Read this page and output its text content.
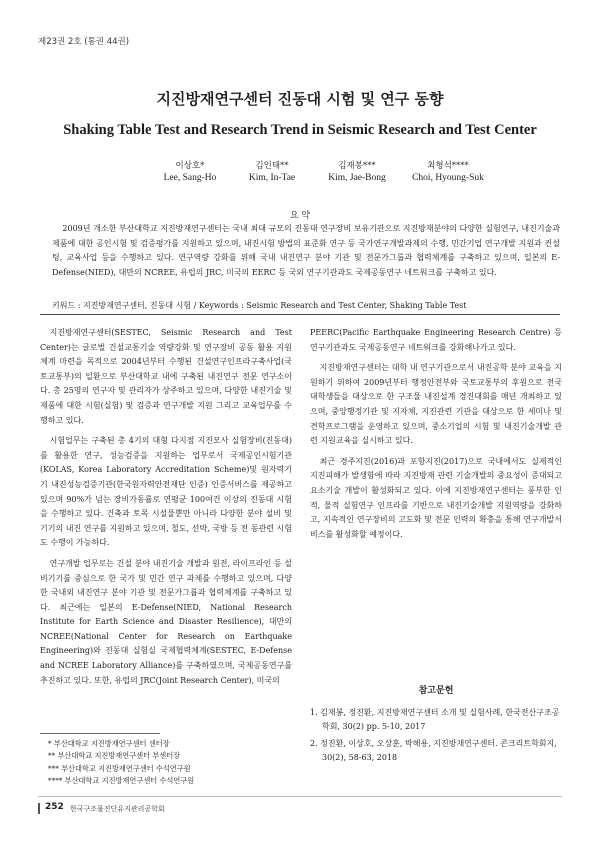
제23권 2호 (통권 44권)
지진방재연구센터 진동대 시험 및 연구 동향
Shaking Table Test and Research Trend in Seismic Research and Test Center
이상호*
Lee, Sang-Ho
김인태**
Kim, In-Tae
김재봉***
Kim, Jae-Bong
최형석****
Choi, Hyoung-Suk
요 약

2009년 개소한 부산대학교 지진방재연구센터는 국내 최대 규모의 진동대 연구장비 보유기관으로 지진방재분야의 다양한 실험연구, 내진기술과 제품에 대한 공인시험 및 검증평가를 지원하고 있으며, 내진시험 방법의 표준화 연구 등 국가연구개발과제의 수행, 민간기업 연구개발 지원과 컨설팅, 교육사업 등을 수행하고 있다. 연구역량 강화를 위해 국내 내진연구 분야 기관 및 전문가그룹과 협력체계를 구축하고 있으며, 일본의 E-Defense(NIED), 대만의 NCREE, 유럽의 JRC, 미국의 EERC 등 국외 연구기관과도 국제공동연구 네트워크를 구축하고 있다.

키워드 : 지진방재연구센터, 진동대 시험 / Keywords : Seismic Research and Test Center, Shaking Table Test

지진방재연구센터(SESTEC, Seismic Research and Test Center)는 글로벌 건설교통기술 역량강화 및 연구장비 공동 활용 지원체계 마련을 목적으로 2004년부터 수행된 건설연구인프라구축사업(국토교통부)의 일환으로 부산대학교 내에 구축된 내진연구 전문 연구소이다. 총 25명의 연구자 및 관리자가 상주하고 있으며, 다양한 내진기술 및 제품에 대한 시험(실험) 및 검증과 연구개발 지원 그리고 교육업무를 수행하고 있다.

시험업무는 구축된 총 4기의 대형 다지점 지진모사 실험장비(진동대)를 활용한 연구, 성능검증을 지원하는 업무로서 국제공인시험기관(KOLAS, Korea Laboratory Accreditation Scheme)및 원자력기기 내진성능검증기관(한국원자력안전재단 인증) 인증서비스를 제공하고 있으며 90%가 넘는 장비가동률로 연평균 100여건 이상의 진동대 시험을 수행하고 있다. 건축과 토목 시설물뿐만 아니라 다양한 분야 설비 및 기기의 내진 연구를 지원하고 있으며, 철도, 선박, 국방 등 전 동관련 시험도 수행이 가능하다.

연구개발 업무로는 건설 분야 내진기술 개발과 원전, 라이프라인 등 설비기기를 중심으로 한 국가 및 민간 연구 과제를 수행하고 있으며, 다양한 국내외 내진연구 분야 기관 및 전문가그룹과 협력체계를 구축하고 있다. 최근에는 일본의 E-Defense(NIED, National Research Institute for Earth Science and Disaster Resilience), 대만의 NCREE(National Center for Research on Earthquake Engineering)와 진동대 실험실 국제협력체계(SESTEC, E-Defense and NCREE Laboratory Alliance)를 구축하였으며, 국제공동연구를 추진하고 있다. 또한, 유럽의 JRC(Joint Research Center), 미국의

PEERC(Pacific Earthquake Engineering Research Centre) 등 연구기관과도 국제공동연구 네트워크를 강화해나가고 있다.

지진방재연구센터는 대학 내 연구기관으로서 내진공학 분야 교육을 지원하기 위하여 2009년부터 행정안전부와 국토교통부의 후원으로 전국 대학생들을 대상으로 한 구조물 내진설계 경진대회를 매년 개최하고 있으며, 중앙행정기관 및 지자체, 지진관련 기관을 대상으로 한 세미나 및 견학프로그램을 운영하고 있으며, 중소기업의 시험 및 내진기술개발 관련 지원교육을 실시하고 있다.

최근 경주지진(2016)과 포항지진(2017)으로 국내에서도 실제적인 지진피해가 발생함에 따라 지진방재 관련 기술개발의 중요성이 증대되고 요소기술 개발이 활성화되고 있다. 이에 지진방재연구센터는 풍부한 인적, 물적 실험연구 인프라를 기반으로 내진기술개발 지원역량을 강화하고, 지속적인 연구장비의 고도화 및 전문 인력의 확충을 통해 연구개발서비스를 활성화할 예정이다.

참고문헌
1. 김재봉, 정진환, 지진방재연구센터 소개 및 실험사례, 한국전산구조공학회, 30(2) pp. 5-10, 2017
2. 정진환, 이상호, 오상훈, 박해용, 지진방재연구센터. 콘크리트학회지, 30(2), 58-63, 2018
* 부산대학교 지진방재연구센터 센터장
** 부산대학교 지진방재연구센터 부센터장
*** 부산대학교 지진방재연구센터 수석연구원
**** 부산대학교 지진방재연구센터 수석연구원
252 한국구조물진단유지관리공학회
